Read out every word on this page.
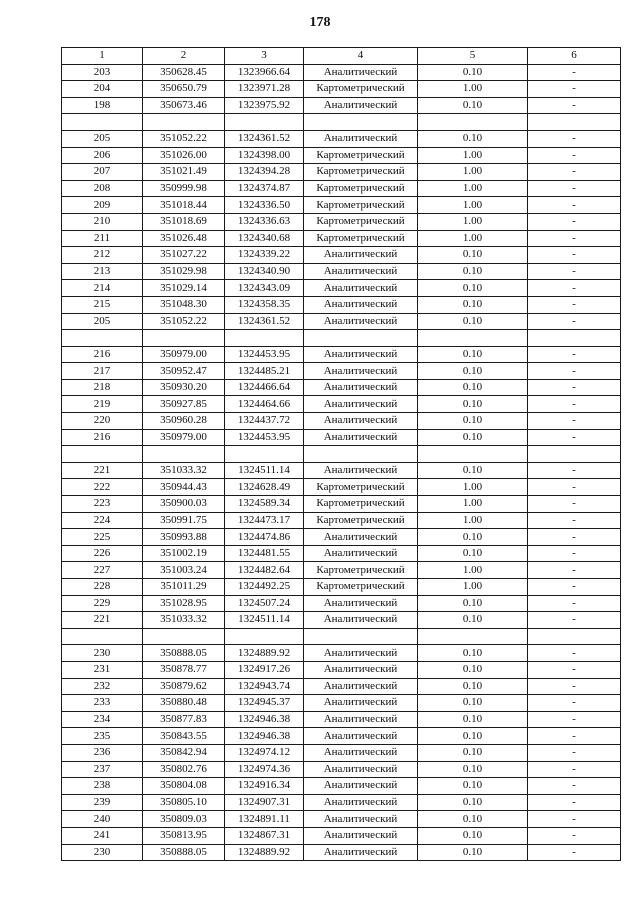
178
1	2	3	4	5	6
203	350628.45	1323966.64	Аналитический	0.10	-
204	350650.79	1323971.28	Картометрический	1.00	-
198	350673.46	1323975.92	Аналитический	0.10	-

205	351052.22	1324361.52	Аналитический	0.10	-
206	351026.00	1324398.00	Картометрический	1.00	-
207	351021.49	1324394.28	Картометрический	1.00	-
208	350999.98	1324374.87	Картометрический	1.00	-
209	351018.44	1324336.50	Картометрический	1.00	-
210	351018.69	1324336.63	Картометрический	1.00	-
211	351026.48	1324340.68	Картометрический	1.00	-
212	351027.22	1324339.22	Аналитический	0.10	-
213	351029.98	1324340.90	Аналитический	0.10	-
214	351029.14	1324343.09	Аналитический	0.10	-
215	351048.30	1324358.35	Аналитический	0.10	-
205	351052.22	1324361.52	Аналитический	0.10	-

216	350979.00	1324453.95	Аналитический	0.10	-
217	350952.47	1324485.21	Аналитический	0.10	-
218	350930.20	1324466.64	Аналитический	0.10	-
219	350927.85	1324464.66	Аналитический	0.10	-
220	350960.28	1324437.72	Аналитический	0.10	-
216	350979.00	1324453.95	Аналитический	0.10	-

221	351033.32	1324511.14	Аналитический	0.10	-
222	350944.43	1324628.49	Картометрический	1.00	-
223	350900.03	1324589.34	Картометрический	1.00	-
224	350991.75	1324473.17	Картометрический	1.00	-
225	350993.88	1324474.86	Аналитический	0.10	-
226	351002.19	1324481.55	Аналитический	0.10	-
227	351003.24	1324482.64	Картометрический	1.00	-
228	351011.29	1324492.25	Картометрический	1.00	-
229	351028.95	1324507.24	Аналитический	0.10	-
221	351033.32	1324511.14	Аналитический	0.10	-

230	350888.05	1324889.92	Аналитический	0.10	-
231	350878.77	1324917.26	Аналитический	0.10	-
232	350879.62	1324943.74	Аналитический	0.10	-
233	350880.48	1324945.37	Аналитический	0.10	-
234	350877.83	1324946.38	Аналитический	0.10	-
235	350843.55	1324946.38	Аналитический	0.10	-
236	350842.94	1324974.12	Аналитический	0.10	-
237	350802.76	1324974.36	Аналитический	0.10	-
238	350804.08	1324916.34	Аналитический	0.10	-
239	350805.10	1324907.31	Аналитический	0.10	-
240	350809.03	1324891.11	Аналитический	0.10	-
241	350813.95	1324867.31	Аналитический	0.10	-
230	350888.05	1324889.92	Аналитический	0.10	-
